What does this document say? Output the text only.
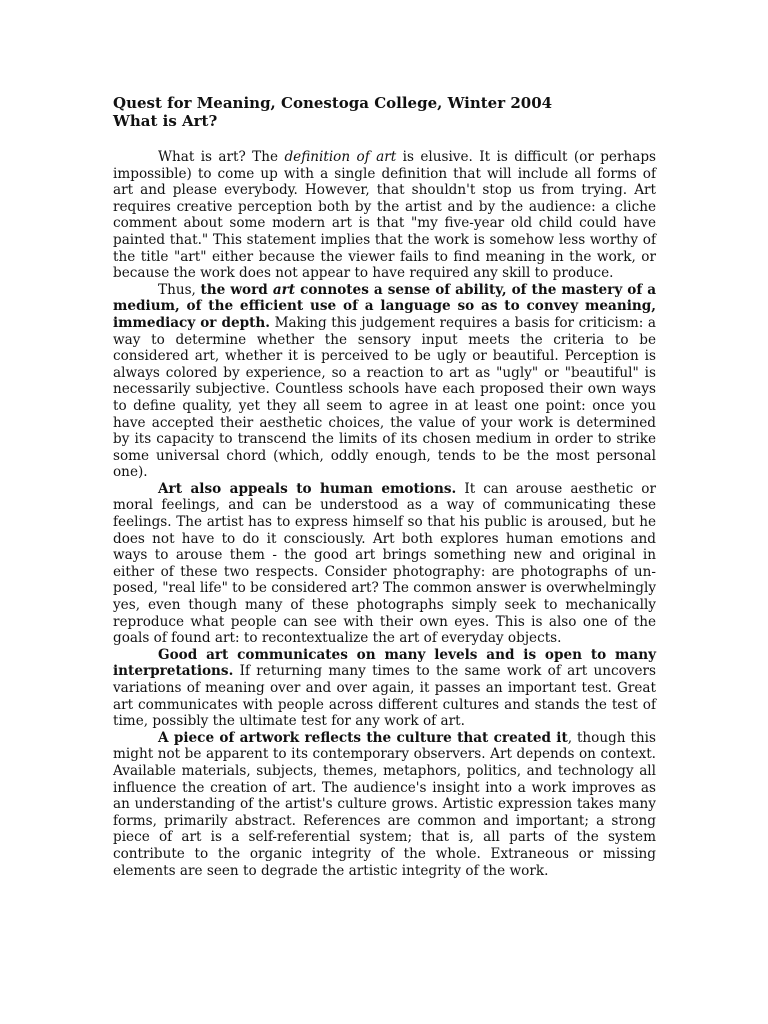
Quest for Meaning, Conestoga College, Winter 2004
What is Art?

What is art? The definition of art is elusive. It is difficult (or perhaps impossible) to come up with a single definition that will include all forms of art and please everybody. However, that shouldn't stop us from trying. Art requires creative perception both by the artist and by the audience: a cliche comment about some modern art is that "my five-year old child could have painted that." This statement implies that the work is somehow less worthy of the title "art" either because the viewer fails to find meaning in the work, or because the work does not appear to have required any skill to produce.

Thus, the word art connotes a sense of ability, of the mastery of a medium, of the efficient use of a language so as to convey meaning, immediacy or depth. Making this judgement requires a basis for criticism: a way to determine whether the sensory input meets the criteria to be considered art, whether it is perceived to be ugly or beautiful. Perception is always colored by experience, so a reaction to art as "ugly" or "beautiful" is necessarily subjective. Countless schools have each proposed their own ways to define quality, yet they all seem to agree in at least one point: once you have accepted their aesthetic choices, the value of your work is determined by its capacity to transcend the limits of its chosen medium in order to strike some universal chord (which, oddly enough, tends to be the most personal one).

Art also appeals to human emotions. It can arouse aesthetic or moral feelings, and can be understood as a way of communicating these feelings. The artist has to express himself so that his public is aroused, but he does not have to do it consciously. Art both explores human emotions and ways to arouse them - the good art brings something new and original in either of these two respects. Consider photography: are photographs of un-posed, "real life" to be considered art? The common answer is overwhelmingly yes, even though many of these photographs simply seek to mechanically reproduce what people can see with their own eyes. This is also one of the goals of found art: to recontextualize the art of everyday objects.

Good art communicates on many levels and is open to many interpretations. If returning many times to the same work of art uncovers variations of meaning over and over again, it passes an important test. Great art communicates with people across different cultures and stands the test of time, possibly the ultimate test for any work of art.

A piece of artwork reflects the culture that created it, though this might not be apparent to its contemporary observers. Art depends on context. Available materials, subjects, themes, metaphors, politics, and technology all influence the creation of art. The audience's insight into a work improves as an understanding of the artist's culture grows. Artistic expression takes many forms, primarily abstract. References are common and important; a strong piece of art is a self-referential system; that is, all parts of the system contribute to the organic integrity of the whole. Extraneous or missing elements are seen to degrade the artistic integrity of the work.
